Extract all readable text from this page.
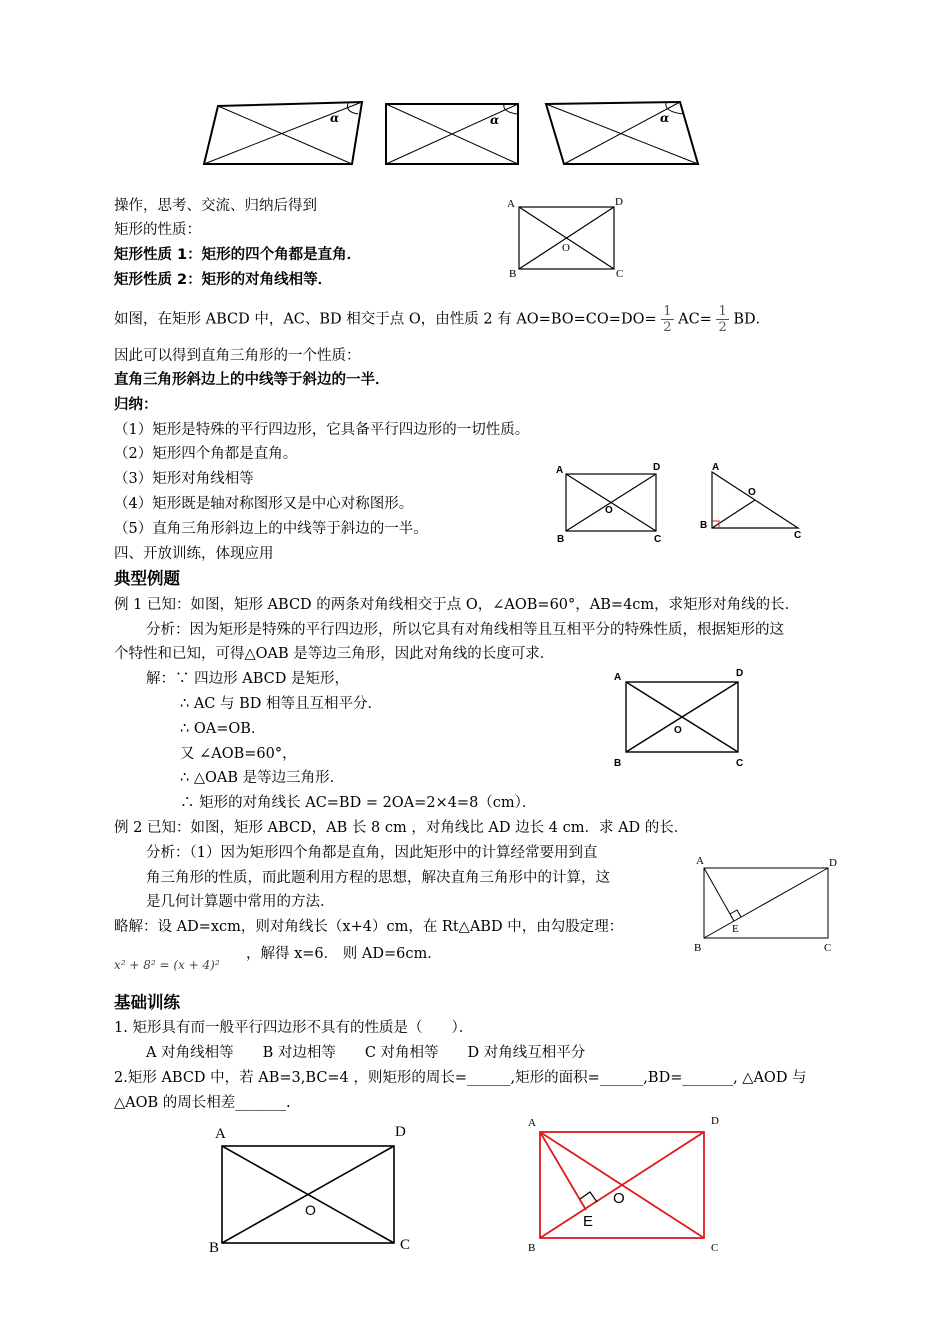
α	α	α
操作，思考、交流、归纳后得到
矩形的性质：
矩形性质 1：矩形的四个角都是直角．
矩形性质 2：矩形的对角线相等．
A	D
B	C
O
如图，在矩形 ABCD 中，AC、BD 相交于点 O，由性质 2 有 $AO=BO=CO=DO= \frac{1}{2} AC= \frac{1}{2}$ BD．
因此可以得到直角三角形的一个性质：
直角三角形斜边上的中线等于斜边的一半．
归纳：
（1）矩形是特殊的平行四边形，它具备平行四边形的一切性质。
（2）矩形四个角都是直角。
（3）矩形对角线相等
（4）矩形既是轴对称图形又是中心对称图形。
（5）直角三角形斜边上的中线等于斜边的一半。
四、开放训练，体现应用
A	D
B	C
O
A
O
B
C
典型例题
例 1 已知：如图，矩形 ABCD 的两条对角线相交于点 O，∠AOB=60°，AB=4cm，求矩形对角线的长．
分析：因为矩形是特殊的平行四边形，所以它具有对角线相等且互相平分的特殊性质，根据矩形的这
个特性和已知，可得△OAB 是等边三角形，因此对角线的长度可求．
解：∵ 四边形 ABCD 是矩形，
∴ AC 与 BD 相等且互相平分．
∴ OA=OB．
又 ∠AOB=60°，
∴ △OAB 是等边三角形．
∴ 矩形的对角线长 AC=BD = 2OA=2×4=8（cm）．
A	D
B	C
O
例 2 已知：如图，矩形 ABCD，AB 长 8 cm ，对角线比 AD 边长 4 cm．求 AD 的长．
分析：（1）因为矩形四个角都是直角，因此矩形中的计算经常要用到直
角三角形的性质，而此题利用方程的思想，解决直角三角形中的计算，这
是几何计算题中常用的方法．
略解：设 AD=xcm，则对角线长（x+4）cm，在 Rt△ABD 中，由勾股定理：
x² + 8² = (x + 4)²
，解得 x=6． 则 AD=6cm．
A	D
B	C
E
基础训练
1. 矩形具有而一般平行四边形不具有的性质是（　　）．
A 对角线相等　　B 对边相等　　C 对角相等　　D 对角线互相平分
2.矩形 ABCD 中，若 AB=3,BC=4 ，则矩形的周长=______,矩形的面积=______,BD=_______, △AOD 与
△AOB 的周长相差_______.
A	D
B	C
O
A	D
B	C
O
E
